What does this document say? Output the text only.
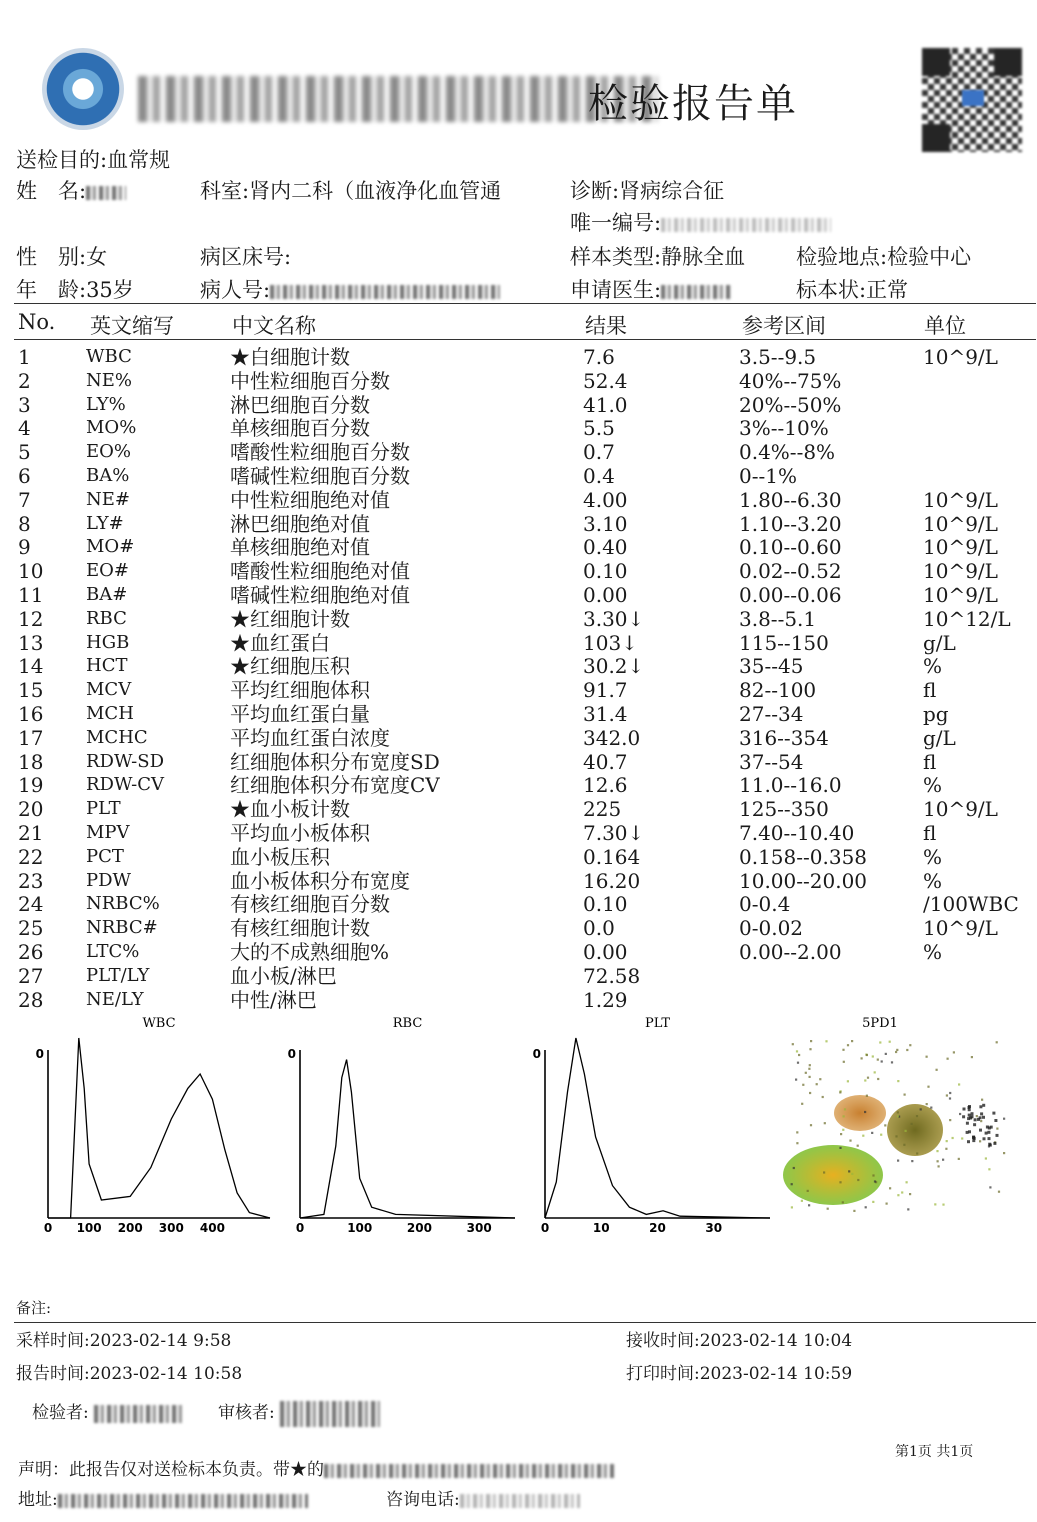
检验报告单
送检目的:血常规
姓　名:	科室:肾内二科（血液净化血管通	诊断:肾病综合征
唯一编号:
性　别:女	病区床号:	样本类型:静脉全血 检验地点:检验中心
年　龄:35岁	病人号:	申请医生:	标本状:正常
No. 英文缩写	中文名称	结果	参考区间	单位
1	WBC	★白细胞计数	7.6	3.5--9.5	10^9/L
2	NE%	中性粒细胞百分数	52.4	40%--75%
3	LY%	淋巴细胞百分数	41.0	20%--50%
4	MO%	单核细胞百分数	5.5	3%--10%
5	EO%	嗜酸性粒细胞百分数	0.7	0.4%--8%
6	BA%	嗜碱性粒细胞百分数	0.4	0--1%
7	NE#	中性粒细胞绝对值	4.00	1.80--6.30	10^9/L
8	LY#	淋巴细胞绝对值	3.10	1.10--3.20	10^9/L
9	MO#	单核细胞绝对值	0.40	0.10--0.60	10^9/L
10 EO#	嗜酸性粒细胞绝对值	0.10	0.02--0.52	10^9/L
11 BA#	嗜碱性粒细胞绝对值	0.00	0.00--0.06	10^9/L
12 RBC	★红细胞计数	3.30↓	3.8--5.1	10^12/L
13 HGB	★血红蛋白	103↓	115--150	g/L
14 HCT	★红细胞压积	30.2↓	35--45	%
15 MCV	平均红细胞体积	91.7	82--100	fl
16 MCH	平均血红蛋白量	31.4	27--34	pg
17 MCHC	平均血红蛋白浓度	342.0	316--354	g/L
18 RDW-SD	红细胞体积分布宽度SD	40.7	37--54	fl
19 RDW-CV	红细胞体积分布宽度CV	12.6	11.0--16.0	%
20 PLT	★血小板计数	225	125--350	10^9/L
21 MPV	平均血小板体积	7.30↓	7.40--10.40	fl
22 PCT	血小板压积	0.164	0.158--0.358	%
23 PDW	血小板体积分布宽度	16.20	10.00--20.00	%
24 NRBC%	有核红细胞百分数	0.10	0-0.4	/100WBC
25 NRBC#	有核红细胞计数	0.0	0-0.02	10^9/L
26 LTC%	大的不成熟细胞%	0.00	0.00--2.00	%
27 PLT/LY	血小板/淋巴	72.58
28 NE/LY	中性/淋巴	1.29
WBC
0
0 100 200 300 400
RBC
0
0	100	200	300
PLT
0
0	10	20	30
5PD1
备注:
采样时间:2023-02-14 9:58	接收时间:2023-02-14 10:04
报告时间:2023-02-14 10:58	打印时间:2023-02-14 10:59
检验者:	审核者:
第1页 共1页
声明：此报告仅对送检标本负责。带★的
地址:	咨询电话:
